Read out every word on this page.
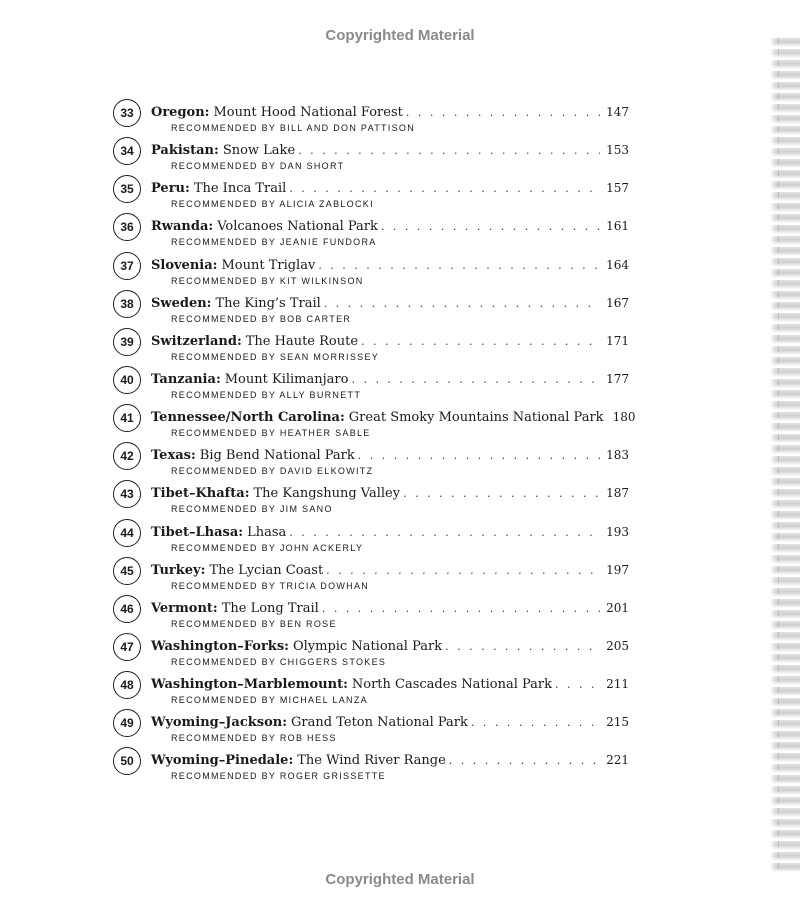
Copyrighted Material
33	Oregon : Mount Hood National Forest . . .	147
RECOMMENDED BY BILL AND DON PATTISON
34	Pakistan : Snow Lake . . .	153
RECOMMENDED BY DAN SHORT
35	Peru : The Inca Trail . . .	157
RECOMMENDED BY ALICIA ZABLOCKI
36	Rwanda : Volcanoes National Park . . .	161
RECOMMENDED BY JEANIE FUNDORA
37	Slovenia : Mount Triglav . . .	164
RECOMMENDED BY KIT WILKINSON
38	Sweden : The King’s Trail . . .	167
RECOMMENDED BY BOB CARTER
39	Switzerland : The Haute Route . . .	171
RECOMMENDED BY SEAN MORRISSEY
40	Tanzania : Mount Kilimanjaro . . .	177
RECOMMENDED BY ALLY BURNETT
41	Tennessee/North Carolina : Great Smoky Mountains National Park 180
RECOMMENDED BY HEATHER SABLE
42	Texas : Big Bend National Park . . .	183
RECOMMENDED BY DAVID ELKOWITZ
43	Tibet–Khafta : The Kangshung Valley . . .	187
RECOMMENDED BY JIM SANO
44	Tibet–Lhasa : Lhasa . . .	193
RECOMMENDED BY JOHN ACKERLY
45	Turkey : The Lycian Coast . . .	197
RECOMMENDED BY TRICIA DOWHAN
46	Vermont : The Long Trail . . .	201
RECOMMENDED BY BEN ROSE
47	Washington–Forks : Olympic National Park . . .	205
RECOMMENDED BY CHIGGERS STOKES
48	Washington–Marblemount : North Cascades National Park . . .	211
RECOMMENDED BY MICHAEL LANZA
49	Wyoming–Jackson : Grand Teton National Park . . .	215
RECOMMENDED BY ROB HESS
50	Wyoming–Pinedale : The Wind River Range . . .	221
RECOMMENDED BY ROGER GRISSETTE
Copyrighted Material
